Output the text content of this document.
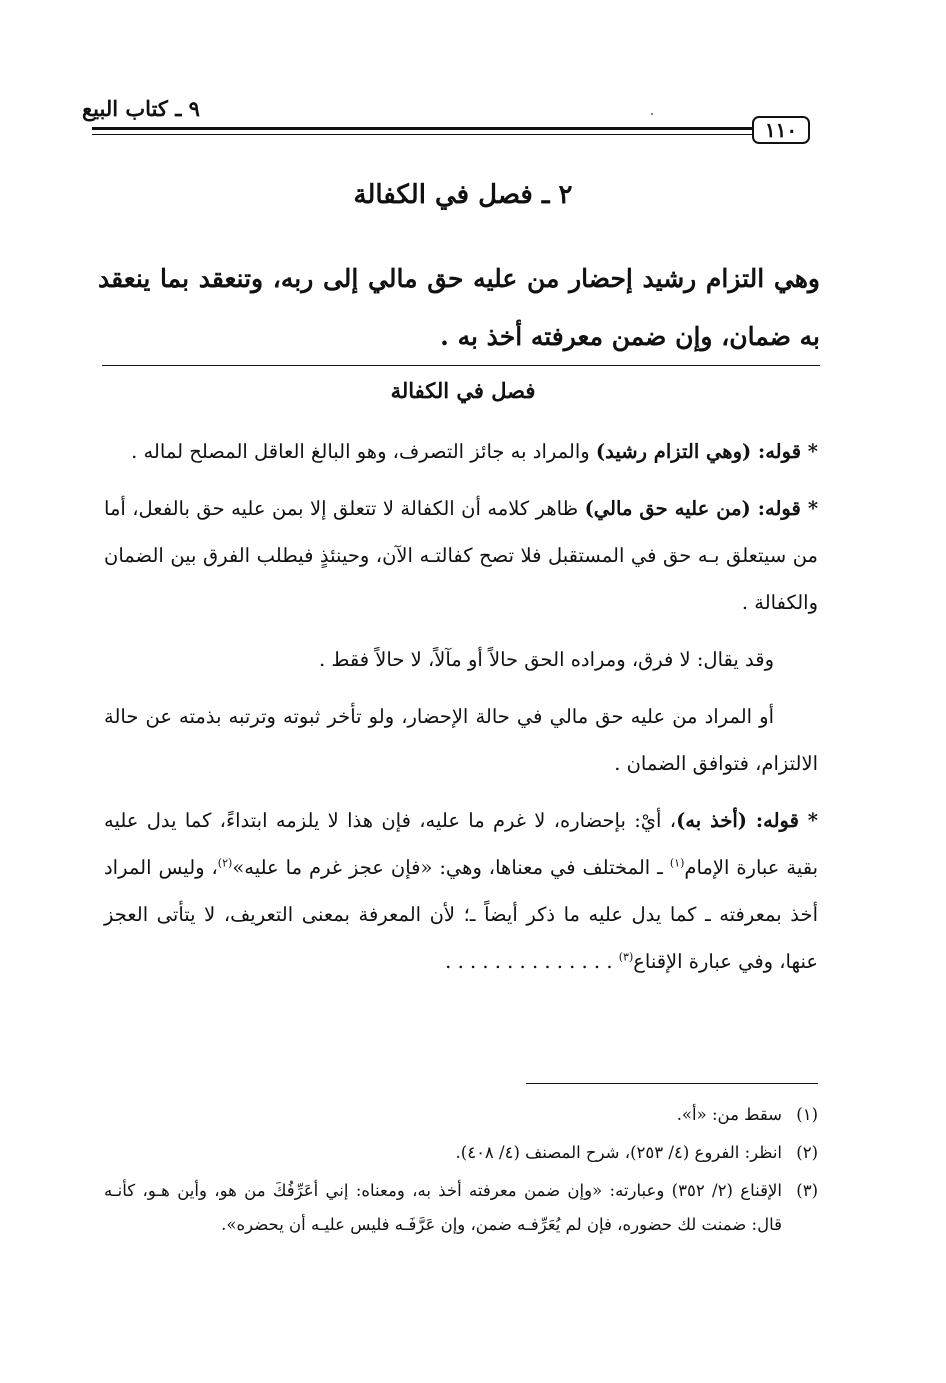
٩ ـ كتاب البيع
١١٠
٢ ـ فصل في الكفالة
وهي التزام رشيد إحضار من عليه حق مالي إلى ربه، وتنعقد بما ينعقد به ضمان، وإن ضمن معرفته أخذ به .
فصل في الكفالة

* قوله: (وهي التزام رشيد) والمراد به جائز التصرف، وهو البالغ العاقل المصلح لماله .

* قوله: (من عليه حق مالي) ظاهر كلامه أن الكفالة لا تتعلق إلا بمن عليه حق بالفعل، أما من سيتعلق بـه حق في المستقبل فلا تصح كفالتـه الآن، وحينئذٍ فيطلب الفرق بين الضمان والكفالة .

وقد يقال: لا فرق، ومراده الحق حالاً أو مآلاً، لا حالاً فقط .

أو المراد من عليه حق مالي في حالة الإحضار، ولو تأخر ثبوته وترتبه بذمته عن حالة الالتزام، فتوافق الضمان .

* قوله: (أخذ به)، أيْ: بإحضاره، لا غرم ما عليه، فإن هذا لا يلزمه ابتداءً، كما يدل عليه بقية عبارة الإمام$^{(١)}$ ـ المختلف في معناها، وهي: «فإن عجز غرم ما عليه»$^{(٢)}$، وليس المراد أخذ بمعرفته ـ كما يدل عليه ما ذكر أيضاً ـ؛ لأن المعرفة بمعنى التعريف، لا يتأتى العجز عنها، وفي عبارة الإقناع$^{(٣)}$ . . . . . . . . . . . . . .

(١)
سقط من: «أ».
(٢)
انظر: الفروع (٤/ ٢٥٣)، شرح المصنف (٤/ ٤٠٨).
(٣)
الإقناع (٢/ ٣٥٢) وعبارته: «وإن ضمن معرفته أخذ به، ومعناه: إني أعَرِّفُكَ من هو، وأين هـو، كأنـه قال: ضمنت لك حضوره، فإن لم يُعَرِّفـه ضمن، وإن عَرَّفَـه فليس عليـه أن يحضره».
